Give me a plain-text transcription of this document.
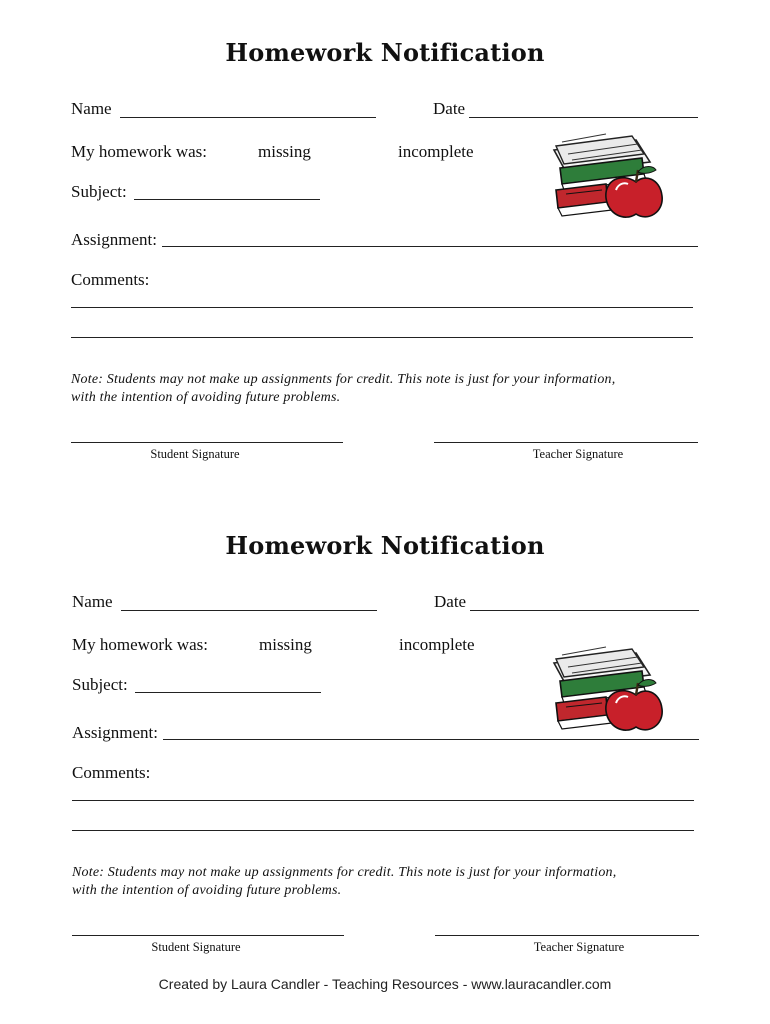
Homework Notification
Name	Date
My homework was:	missing	incomplete
Subject:
Assignment:
Comments:
Note: Students may not make up assignments for credit. This note is just for your information,
with the intention of avoiding future problems.
Student Signature	Teacher Signature
Homework Notification
Name	Date
My homework was:	missing	incomplete
Subject:
Assignment:
Comments:
Note: Students may not make up assignments for credit. This note is just for your information,
with the intention of avoiding future problems.
Student Signature	Teacher Signature
Created by Laura Candler - Teaching Resources - www.lauracandler.com
